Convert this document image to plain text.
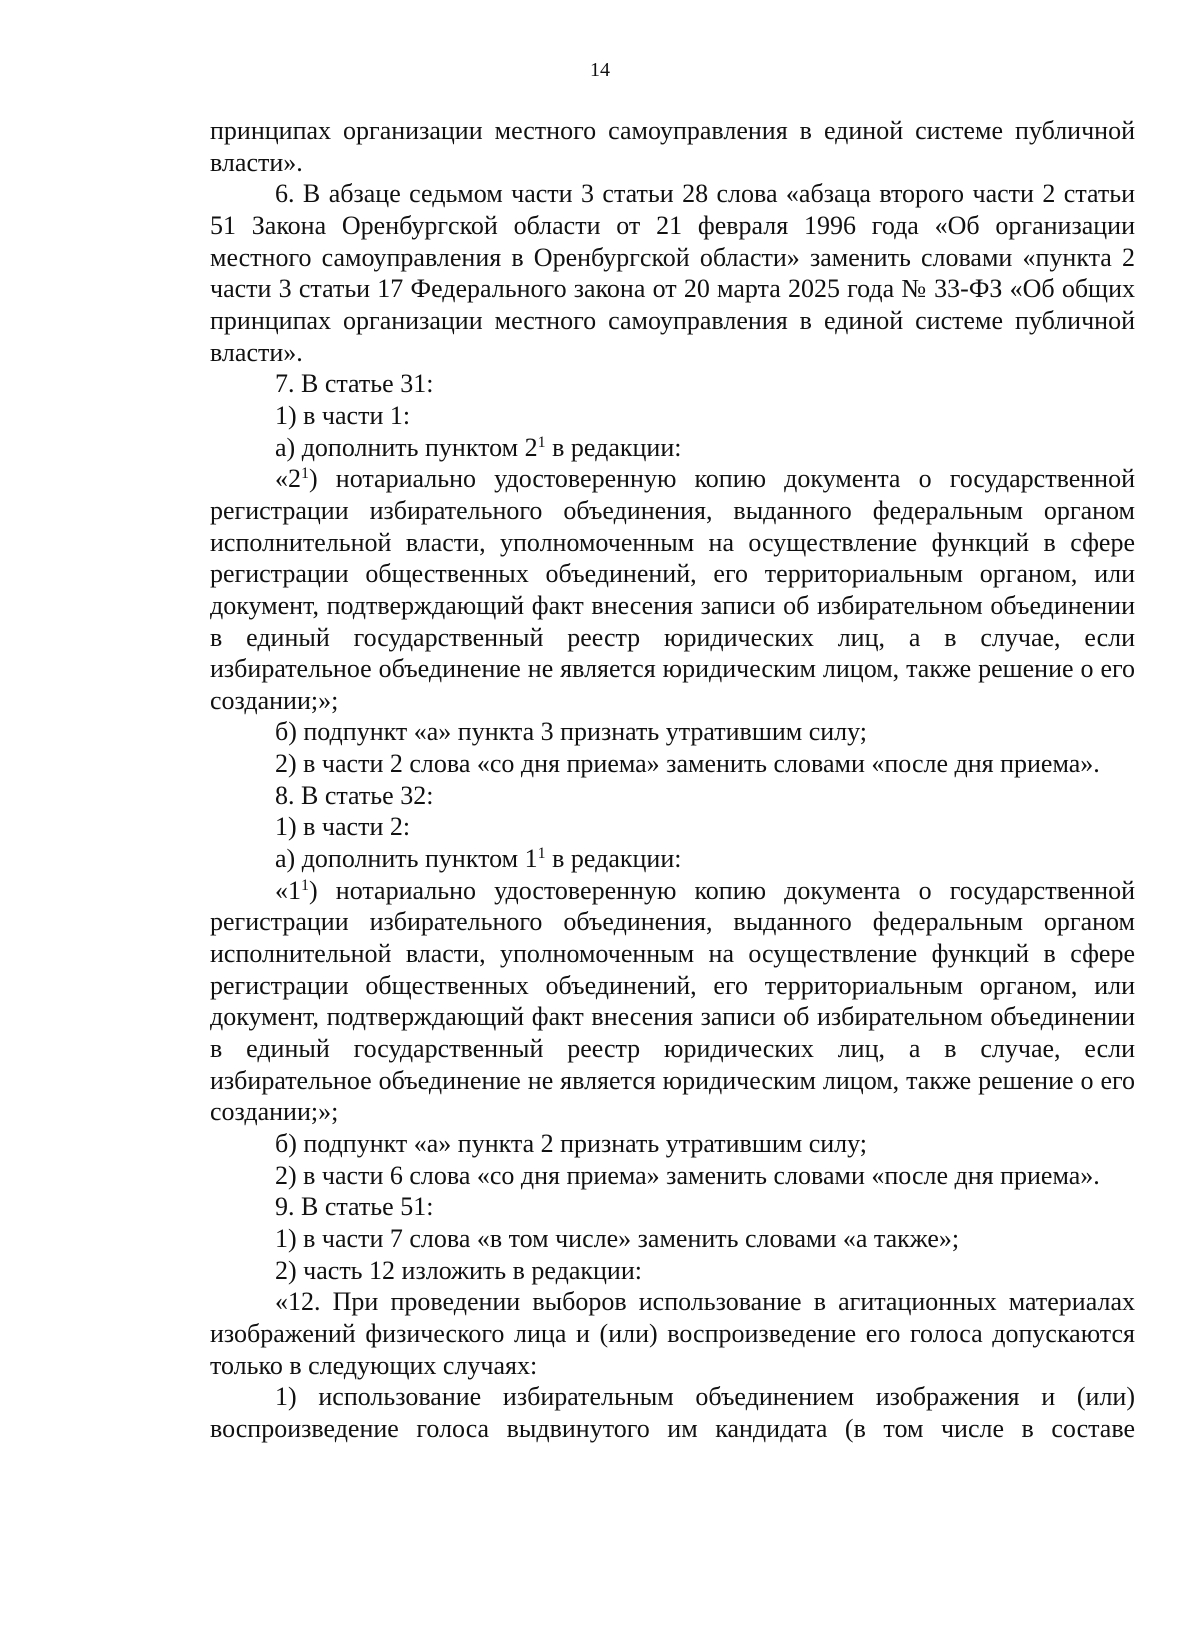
14

принципах организации местного самоуправления в единой системе публичной власти».

6. В абзаце седьмом части 3 статьи 28 слова «абзаца второго части 2 статьи 51 Закона Оренбургской области от 21 февраля 1996 года «Об организации местного самоуправления в Оренбургской области» заменить словами «пункта 2 части 3 статьи 17 Федерального закона от 20 марта 2025 года № 33-ФЗ «Об общих принципах организации местного самоуправления в единой системе публичной власти».

7. В статье 31:

1) в части 1:

а) дополнить пунктом $2^1$ в редакции:

«$2^1$) нотариально удостоверенную копию документа о государственной регистрации избирательного объединения, выданного федеральным органом исполнительной власти, уполномоченным на осуществление функций в сфере регистрации общественных объединений, его территориальным органом, или документ, подтверждающий факт внесения записи об избирательном объединении в единый государственный реестр юридических лиц, а в случае, если избирательное объединение не является юридическим лицом, также решение о его создании;»;

б) подпункт «а» пункта 3 признать утратившим силу;

2) в части 2 слова «со дня приема» заменить словами «после дня приема».

8. В статье 32:

1) в части 2:

а) дополнить пунктом $1^1$ в редакции:

«$1^1$) нотариально удостоверенную копию документа о государственной регистрации избирательного объединения, выданного федеральным органом исполнительной власти, уполномоченным на осуществление функций в сфере регистрации общественных объединений, его территориальным органом, или документ, подтверждающий факт внесения записи об избирательном объединении в единый государственный реестр юридических лиц, а в случае, если избирательное объединение не является юридическим лицом, также решение о его создании;»;

б) подпункт «а» пункта 2 признать утратившим силу;

2) в части 6 слова «со дня приема» заменить словами «после дня приема».

9. В статье 51:

1) в части 7 слова «в том числе» заменить словами «а также»;

2) часть 12 изложить в редакции:

«12. При проведении выборов использование в агитационных материалах изображений физического лица и (или) воспроизведение его голоса допускаются только в следующих случаях:

1) использование избирательным объединением изображения и (или) воспроизведение голоса выдвинутого им кандидата (в том числе в составе
